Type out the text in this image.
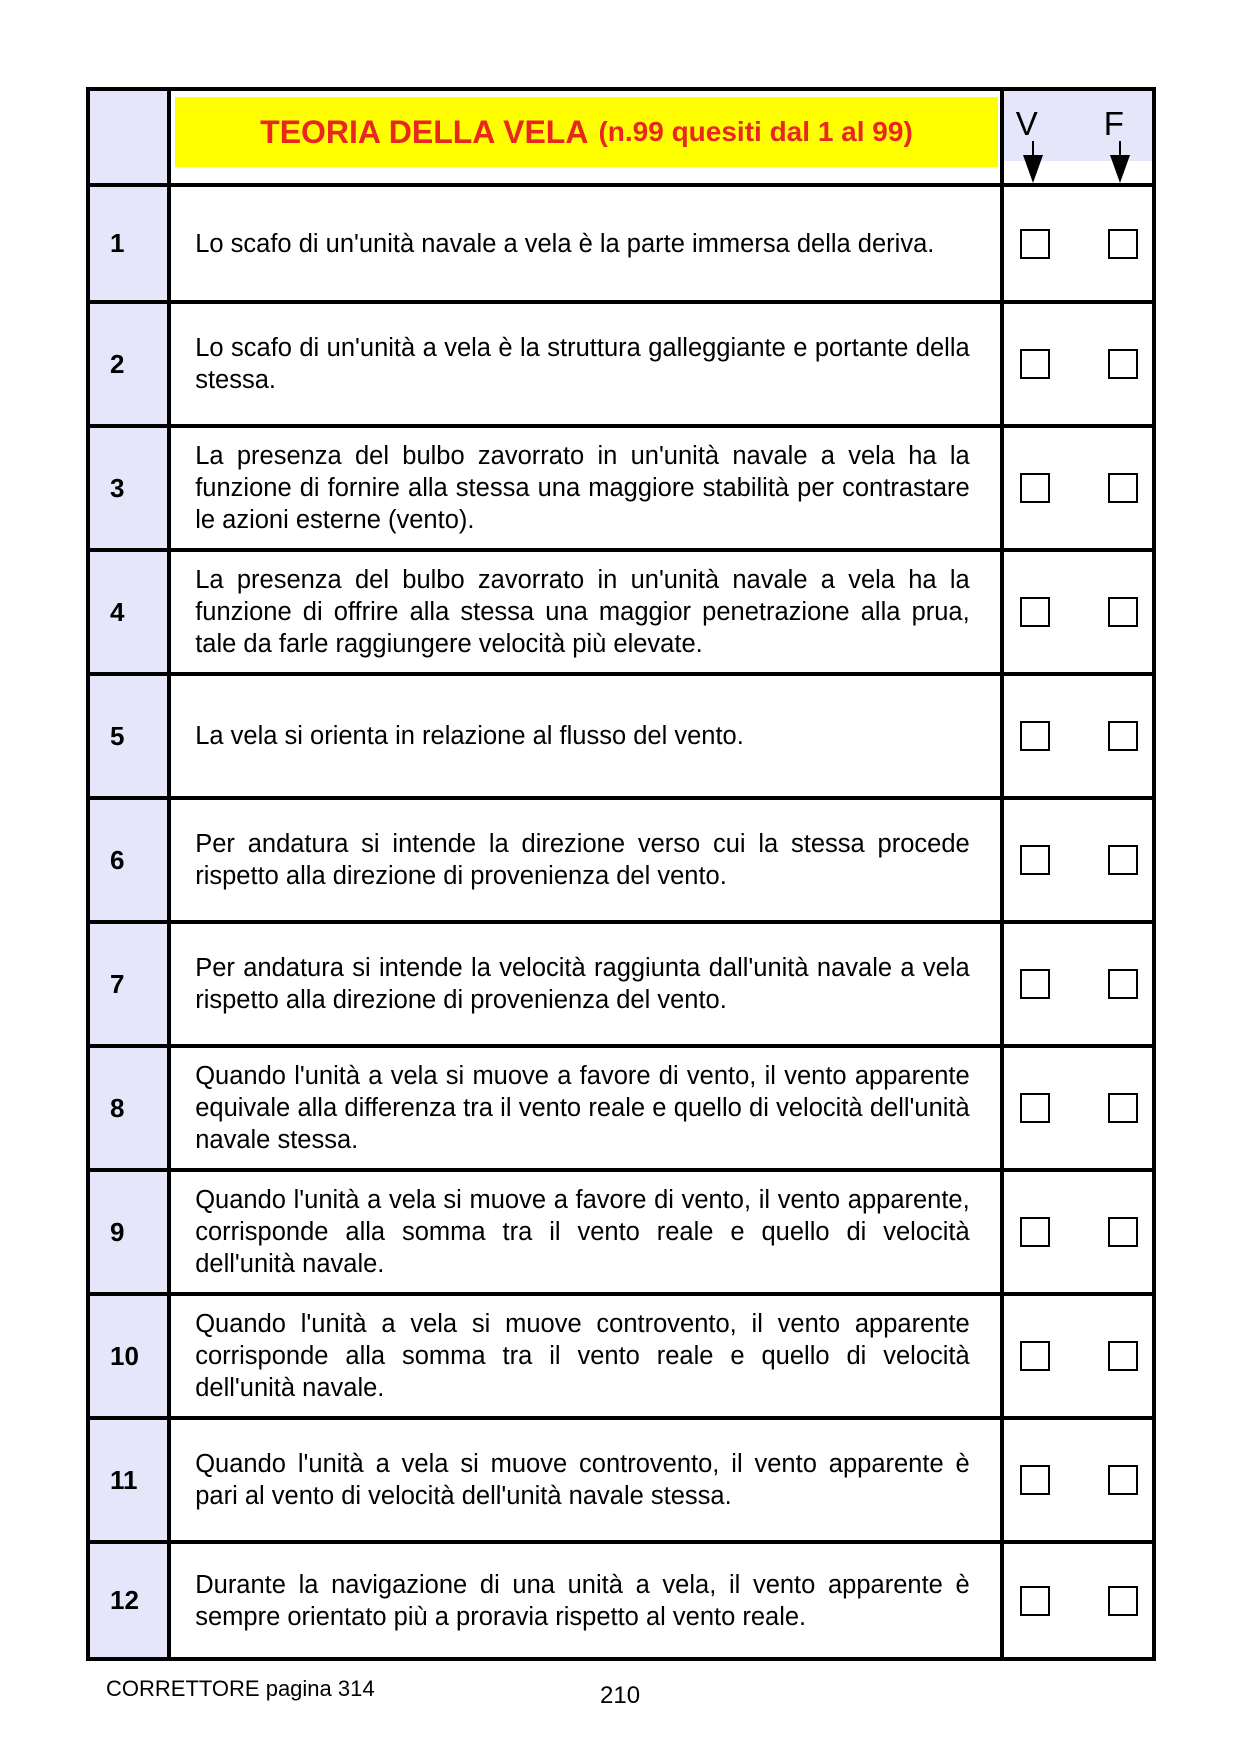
	TEORIA DELLA VELA (n.99 quesiti dal 1 al 99)	V F

1	Lo scafo di un'unità navale a vela è la parte immersa della deriva.	

2	Lo scafo di un'unità a vela è la struttura galleggiante e portante della stessa.	

3	La presenza del bulbo zavorrato in un'unità navale a vela ha la funzione di fornire alla stessa una maggiore stabilità per contrastare le azioni esterne (vento).	

4	La presenza del bulbo zavorrato in un'unità navale a vela ha la funzione di offrire alla stessa una maggior penetrazione alla prua, tale da farle raggiungere velocità più elevate.	

5	La vela si orienta in relazione al flusso del vento.	

6	Per andatura si intende la direzione verso cui la stessa procede rispetto alla direzione di provenienza del vento.	

7	Per andatura si intende la velocità raggiunta dall'unità navale a vela rispetto alla direzione di provenienza del vento.	

8	Quando l'unità a vela si muove a favore di vento, il vento apparente equivale alla differenza tra il vento reale e quello di velocità dell'unità navale stessa.	

9	Quando l'unità a vela si muove a favore di vento, il vento apparente, corrisponde alla somma tra il vento reale e quello di velocità dell'unità navale.	

10	Quando l'unità a vela si muove controvento, il vento apparente corrisponde alla somma tra il vento reale e quello di velocità dell'unità navale.	

11	Quando l'unità a vela si muove controvento, il vento apparente è pari al vento di velocità dell'unità navale stessa.	

12	Durante la navigazione di una unità a vela, il vento apparente è sempre orientato più a proravia rispetto al vento reale.	

CORRETTORE pagina 314	210
